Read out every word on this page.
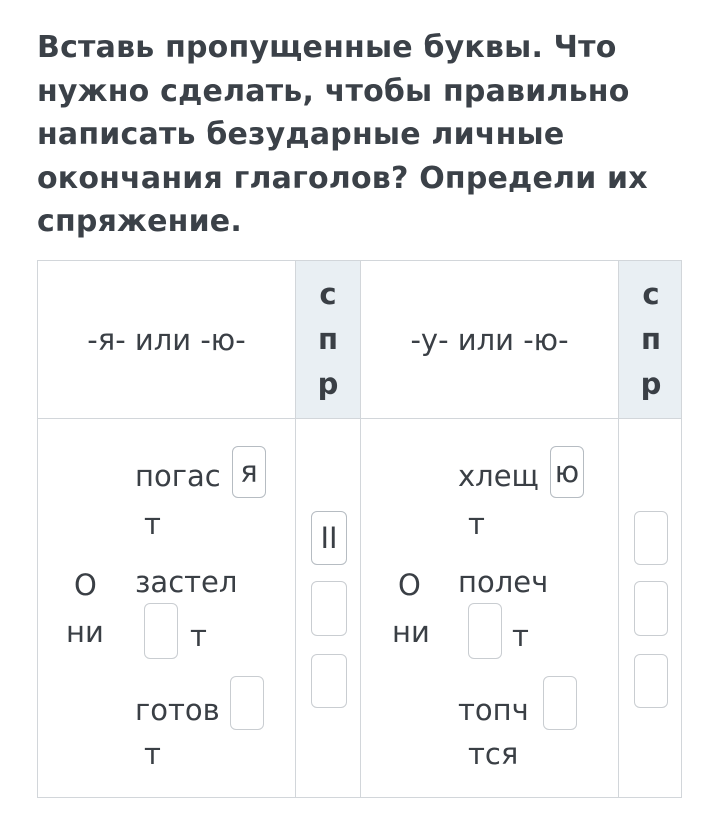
Вставь пропущенные буквы. Что нужно сделать, чтобы правильно написать безударные личные окончания глаголов? Определи их спряжение.
-я- или -ю-
с
п
р
-у- или -ю-
с
п
р
О
ни
погас я
т
застел
т
готов
т
II
О
ни
хлещ ю
т
полеч
т
топч
тся
